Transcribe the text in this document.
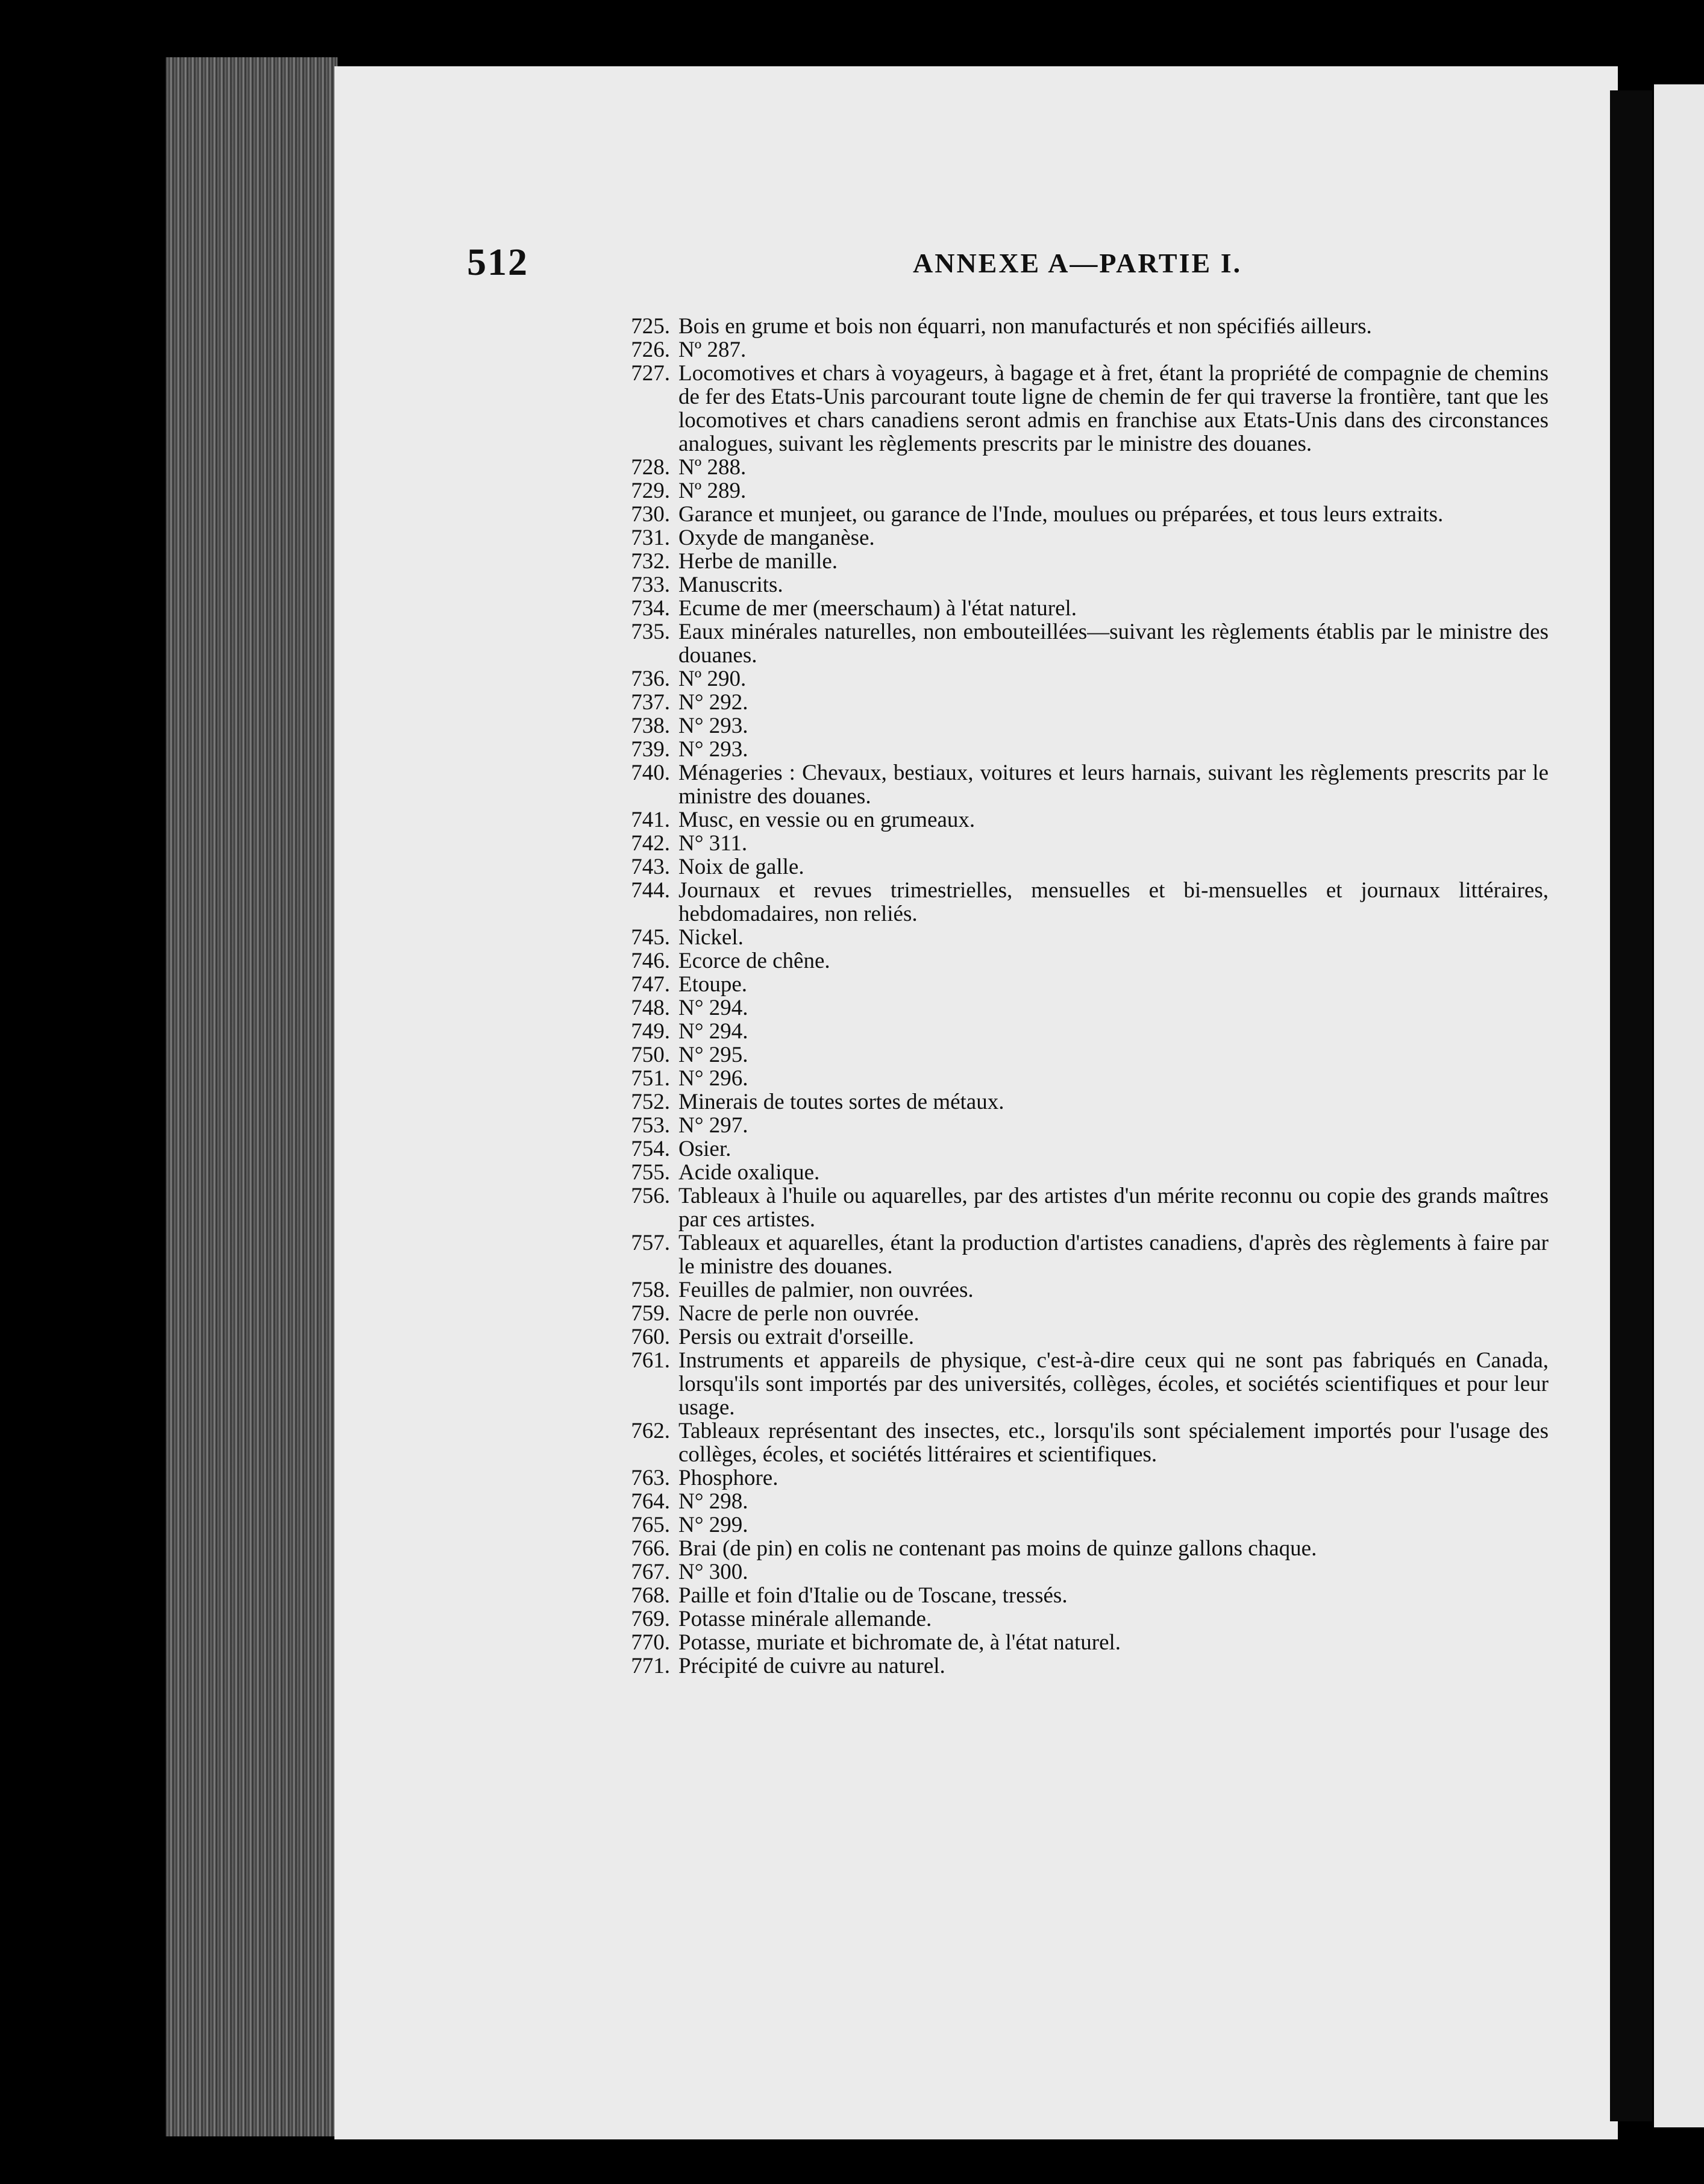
512	ANNEXE A—PARTIE I.
725. Bois en grume et bois non équarri, non manufacturés et non spécifiés ailleurs.
726. Nº 287.
727. Locomotives et chars à voyageurs, à bagage et à fret, étant la propriété de compagnie de chemins de fer des Etats-Unis parcourant toute ligne de chemin de fer qui traverse la frontière, tant que les locomotives et chars canadiens seront admis en franchise aux Etats-Unis dans des circonstances analogues, suivant les règlements prescrits par le ministre des douanes.
728. Nº 288.
729. Nº 289.
730. Garance et munjeet, ou garance de l'Inde, moulues ou préparées, et tous leurs extraits.
731. Oxyde de manganèse.
732. Herbe de manille.
733. Manuscrits.
734. Ecume de mer (meerschaum) à l'état naturel.
735. Eaux minérales naturelles, non embouteillées—suivant les règlements établis par le ministre des douanes.
736. Nº 290.
737. N° 292.
738. N° 293.
739. N° 293.
740. Ménageries : Chevaux, bestiaux, voitures et leurs harnais, suivant les règlements prescrits par le ministre des douanes.
741. Musc, en vessie ou en grumeaux.
742. N° 311.
743. Noix de galle.
744. Journaux et revues trimestrielles, mensuelles et bi-mensuelles et journaux littéraires, hebdomadaires, non reliés.
745. Nickel.
746. Ecorce de chêne.
747. Etoupe.
748. N° 294.
749. N° 294.
750. N° 295.
751. N° 296.
752. Minerais de toutes sortes de métaux.
753. N° 297.
754. Osier.
755. Acide oxalique.
756. Tableaux à l'huile ou aquarelles, par des artistes d'un mérite reconnu ou copie des grands maîtres par ces artistes.
757. Tableaux et aquarelles, étant la production d'artistes canadiens, d'après des règlements à faire par le ministre des douanes.
758. Feuilles de palmier, non ouvrées.
759. Nacre de perle non ouvrée.
760. Persis ou extrait d'orseille.
761. Instruments et appareils de physique, c'est-à-dire ceux qui ne sont pas fabriqués en Canada, lorsqu'ils sont importés par des universités, collèges, écoles, et sociétés scientifiques et pour leur usage.
762. Tableaux représentant des insectes, etc., lorsqu'ils sont spécialement importés pour l'usage des collèges, écoles, et sociétés littéraires et scientifiques.
763. Phosphore.
764. N° 298.
765. N° 299.
766. Brai (de pin) en colis ne contenant pas moins de quinze gallons chaque.
767. N° 300.
768. Paille et foin d'Italie ou de Toscane, tressés.
769. Potasse minérale allemande.
770. Potasse, muriate et bichromate de, à l'état naturel.
771. Précipité de cuivre au naturel.
